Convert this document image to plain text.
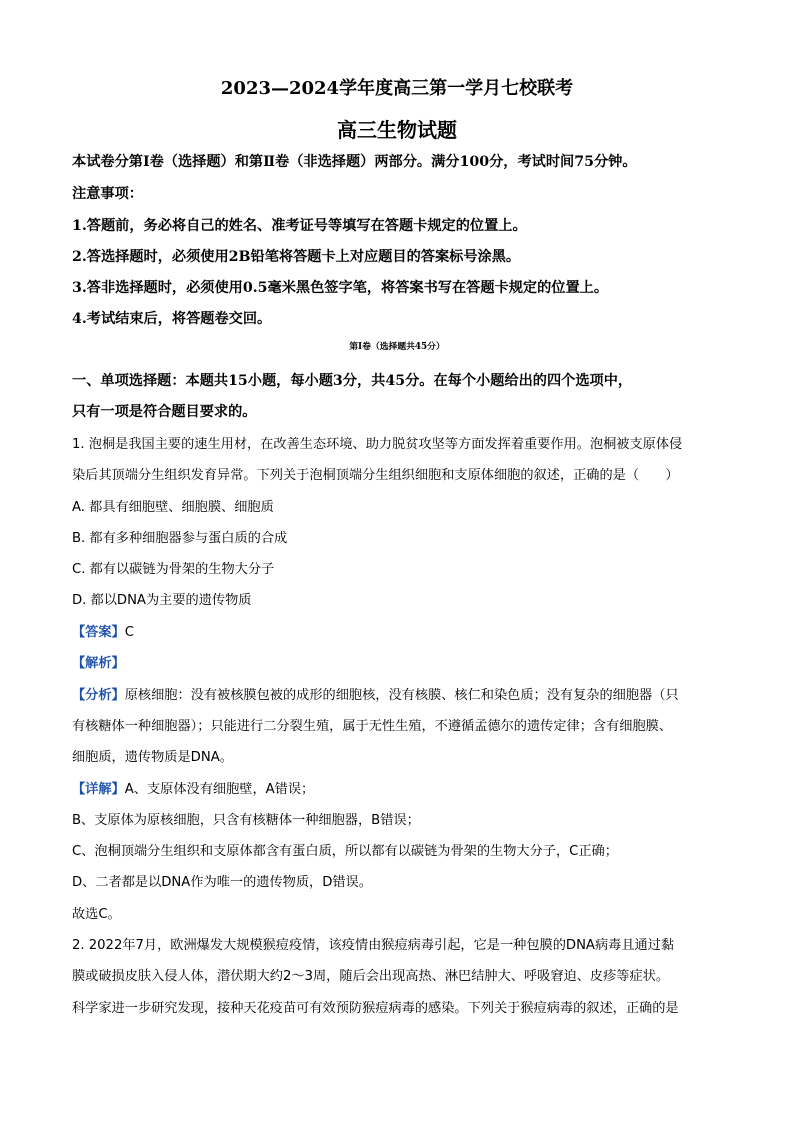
2023—2024学年度高三第一学月七校联考
高三生物试题
本试卷分第Ⅰ卷（选择题）和第Ⅱ卷（非选择题）两部分。满分100分，考试时间75分钟。
注意事项：
1.答题前，务必将自己的姓名、准考证号等填写在答题卡规定的位置上。
2.答选择题时，必须使用2B铅笔将答题卡上对应题目的答案标号涂黑。
3.答非选择题时，必须使用0.5毫米黑色签字笔，将答案书写在答题卡规定的位置上。
4.考试结束后，将答题卷交回。
第Ⅰ卷（选择题共45分）
一、单项选择题：本题共15小题，每小题3分，共45分。在每个小题给出的四个选项中，
只有一项是符合题目要求的。
1. 泡桐是我国主要的速生用材，在改善生态环境、助力脱贫攻坚等方面发挥着重要作用。泡桐被支原体侵
染后其顶端分生组织发育异常。下列关于泡桐顶端分生组织细胞和支原体细胞的叙述，正确的是（　　）
A. 都具有细胞壁、细胞膜、细胞质
B. 都有多种细胞器参与蛋白质的合成
C. 都有以碳链为骨架的生物大分子
D. 都以DNA为主要的遗传物质
【答案】C
【解析】
【分析】原核细胞：没有被核膜包被的成形的细胞核，没有核膜、核仁和染色质；没有复杂的细胞器（只
有核糖体一种细胞器）；只能进行二分裂生殖，属于无性生殖，不遵循孟德尔的遗传定律；含有细胞膜、
细胞质，遗传物质是DNA。
【详解】A、支原体没有细胞壁，A错误；
B、支原体为原核细胞，只含有核糖体一种细胞器，B错误；
C、泡桐顶端分生组织和支原体都含有蛋白质，所以都有以碳链为骨架的生物大分子，C正确；
D、二者都是以DNA作为唯一的遗传物质，D错误。
故选C。
2. 2022年7月，欧洲爆发大规模猴痘疫情，该疫情由猴痘病毒引起，它是一种包膜的DNA病毒且通过黏
膜或破损皮肤入侵人体，潜伏期大约2～3周，随后会出现高热、淋巴结肿大、呼吸窘迫、皮疹等症状。
科学家进一步研究发现，接种天花疫苗可有效预防猴痘病毒的感染。下列关于猴痘病毒的叙述，正确的是
